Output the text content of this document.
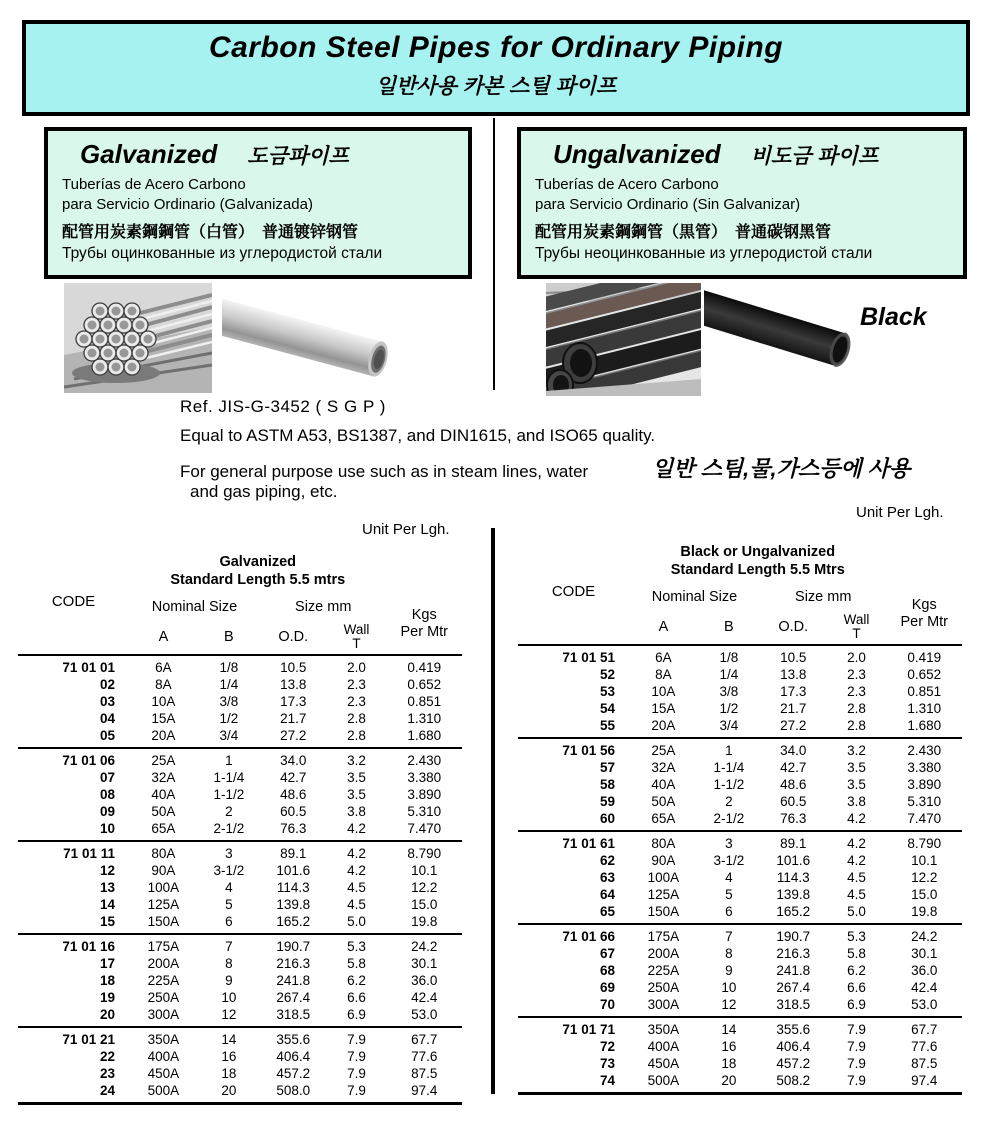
Carbon Steel Pipes for Ordinary Piping
일반사용 카본 스틸 파이프
Galvanized 도금파이프
Tuberías de Acero Carbono
para Servicio Ordinario (Galvanizada)
配管用炭素鋼鋼管（白管）　普通镀锌钢管
Трубы оцинкованные из углеродистой стали
Ungalvanized 비도금 파이프
Tuberías de Acero Carbono
para Servicio Ordinario (Sin Galvanizar)
配管用炭素鋼鋼管（黒管）　普通碳钢黑管
Трубы неоцинкованные из углеродистой стали
Black
Ref. JIS-G-3452 ( S G P )
Equal to ASTM A53, BS1387, and DIN1615, and ISO65 quality.
For general purpose use such as in steam lines, water
and gas piping, etc.
일반 스팀,물,가스등에 사용
Unit Per Lgh.
Unit Per Lgh.
CODE	Galvanized
Standard Length 5.5 mtrs				

	Nominal Size		Size mm		Kgs
Per Mtr

	A	B	O.D.	Wall
T	

71 01 01	6A	1/8	10.5	2.0	0.419
02	8A	1/4	13.8	2.3	0.652
03	10A	3/8	17.3	2.3	0.851
04	15A	1/2	21.7	2.8	1.310
05	20A	3/4	27.2	2.8	1.680
71 01 06	25A	1	34.0	3.2	2.430
07	32A	1-1/4	42.7	3.5	3.380
08	40A	1-1/2	48.6	3.5	3.890
09	50A	2	60.5	3.8	5.310
10	65A	2-1/2	76.3	4.2	7.470
71 01 11	80A	3	89.1	4.2	8.790
12	90A	3-1/2	101.6	4.2	10.1
13	100A	4	114.3	4.5	12.2
14	125A	5	139.8	4.5	15.0
15	150A	6	165.2	5.0	19.8
71 01 16	175A	7	190.7	5.3	24.2
17	200A	8	216.3	5.8	30.1
18	225A	9	241.8	6.2	36.0
19	250A	10	267.4	6.6	42.4
20	300A	12	318.5	6.9	53.0
71 01 21	350A	14	355.6	7.9	67.7
22	400A	16	406.4	7.9	77.6
23	450A	18	457.2	7.9	87.5
24	500A	20	508.0	7.9	97.4
CODE	Black or Ungalvanized
Standard Length 5.5 Mtrs				

	Nominal Size		Size mm		Kgs
Per Mtr

	A	B	O.D.	Wall
T	

71 01 51	6A	1/8	10.5	2.0	0.419
52	8A	1/4	13.8	2.3	0.652
53	10A	3/8	17.3	2.3	0.851
54	15A	1/2	21.7	2.8	1.310
55	20A	3/4	27.2	2.8	1.680
71 01 56	25A	1	34.0	3.2	2.430
57	32A	1-1/4	42.7	3.5	3.380
58	40A	1-1/2	48.6	3.5	3.890
59	50A	2	60.5	3.8	5.310
60	65A	2-1/2	76.3	4.2	7.470
71 01 61	80A	3	89.1	4.2	8.790
62	90A	3-1/2	101.6	4.2	10.1
63	100A	4	114.3	4.5	12.2
64	125A	5	139.8	4.5	15.0
65	150A	6	165.2	5.0	19.8
71 01 66	175A	7	190.7	5.3	24.2
67	200A	8	216.3	5.8	30.1
68	225A	9	241.8	6.2	36.0
69	250A	10	267.4	6.6	42.4
70	300A	12	318.5	6.9	53.0
71 01 71	350A	14	355.6	7.9	67.7
72	400A	16	406.4	7.9	77.6
73	450A	18	457.2	7.9	87.5
74	500A	20	508.2	7.9	97.4
